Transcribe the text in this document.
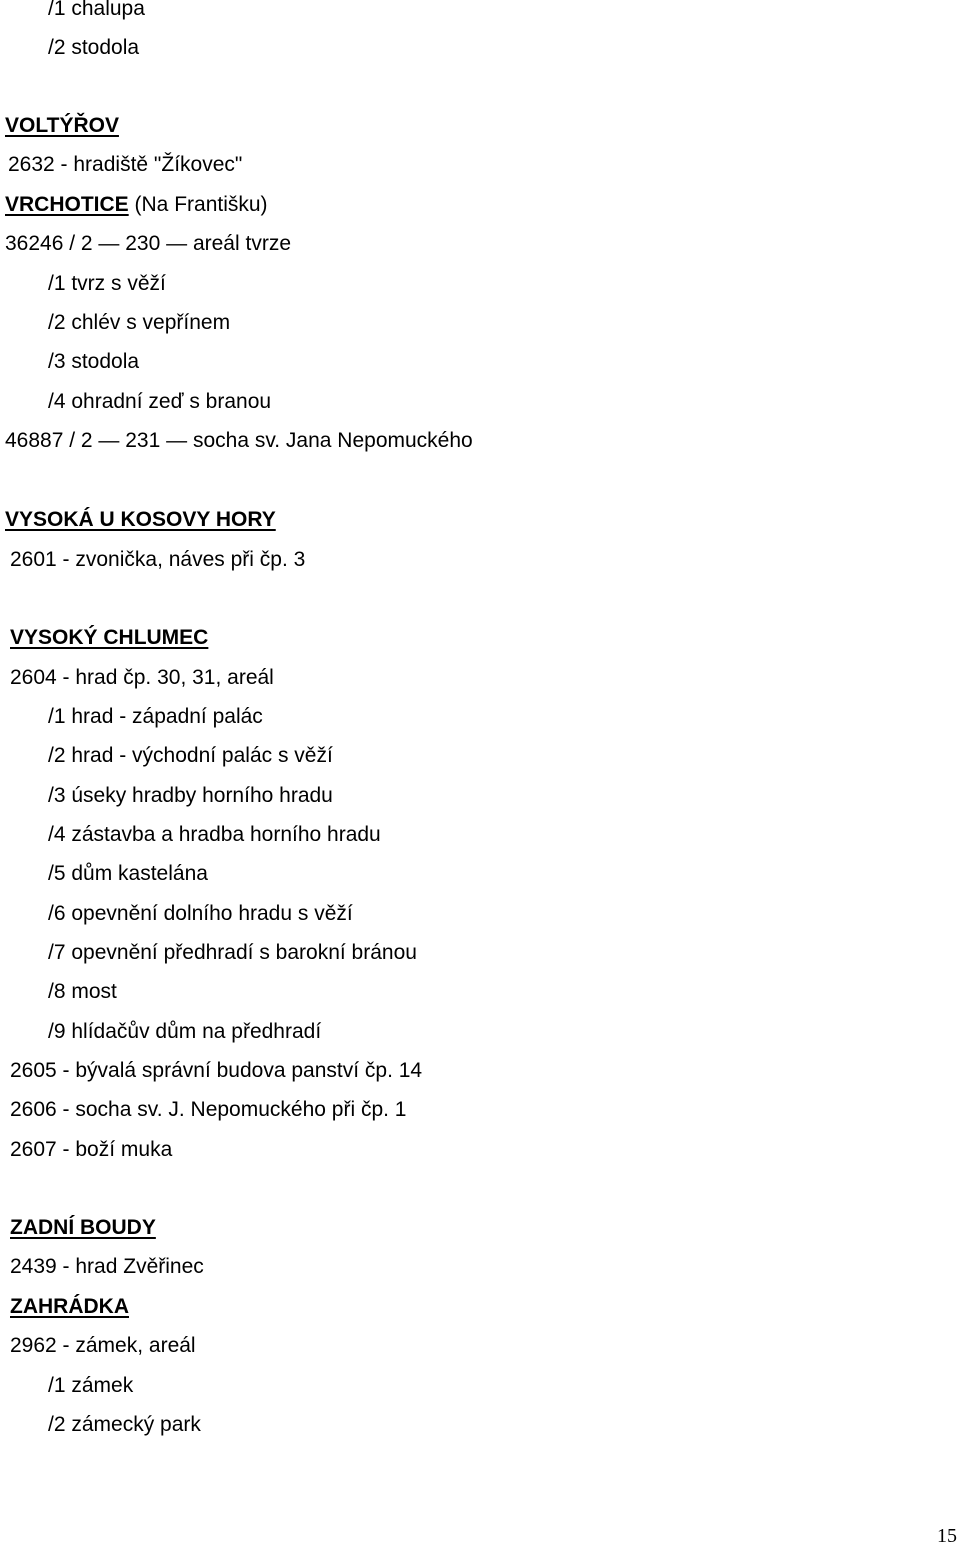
/1 chalupa
/2 stodola
VOLTÝŘOV
2632 - hradiště "Žíkovec"
VRCHOTICE (Na Františku)
36246 / 2 — 230 — areál tvrze
/1 tvrz s věží
/2 chlév s vepřínem
/3 stodola
/4 ohradní zeď s branou
46887 / 2 — 231 — socha sv. Jana Nepomuckého
VYSOKÁ U KOSOVY HORY
2601 - zvonička, náves při čp. 3
VYSOKÝ CHLUMEC
2604 - hrad čp. 30, 31, areál
/1 hrad - západní palác
/2 hrad - východní palác s věží
/3 úseky hradby horního hradu
/4 zástavba a hradba horního hradu
/5 dům kastelána
/6 opevnění dolního hradu s věží
/7 opevnění předhradí s barokní bránou
/8 most
/9 hlídačův dům na předhradí
2605 - bývalá správní budova panství čp. 14
2606 - socha sv. J. Nepomuckého při čp. 1
2607 - boží muka
ZADNÍ BOUDY
2439 - hrad Zvěřinec
ZAHRÁDKA
2962 - zámek, areál
/1 zámek
/2 zámecký park
15
